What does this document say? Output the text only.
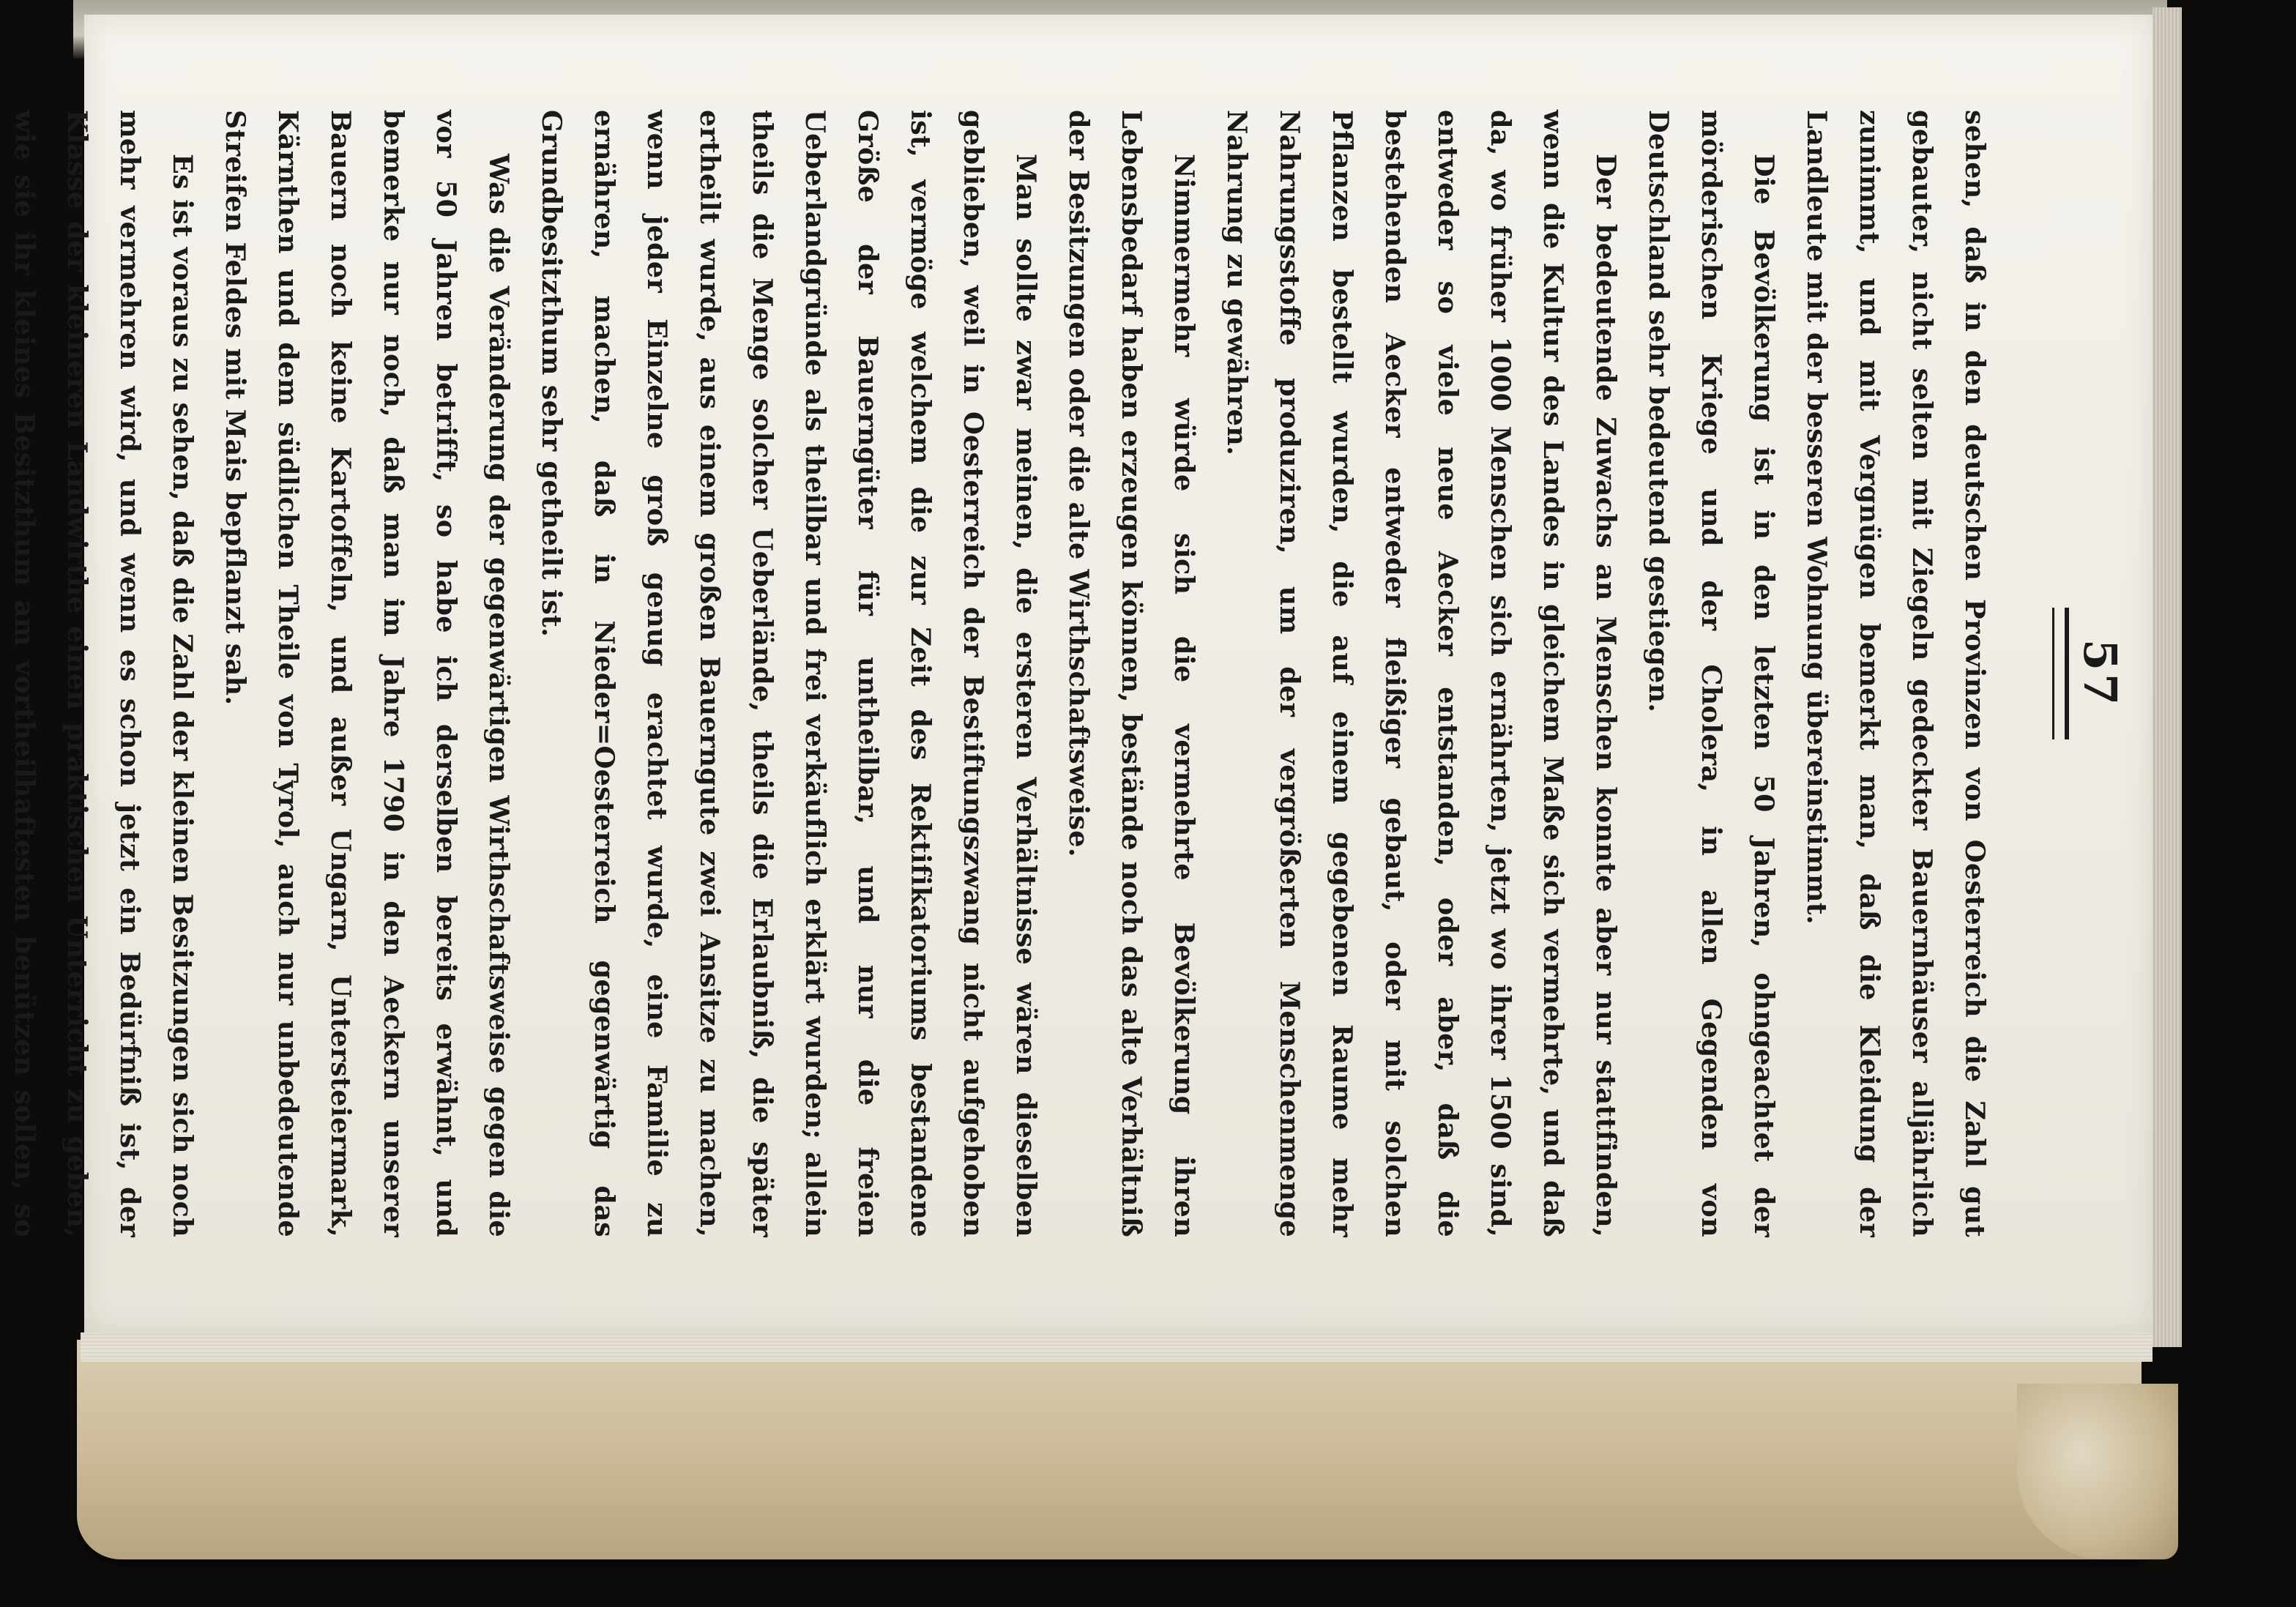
57

sehen, daß in den deutschen Provinzen von Oesterreich die Zahl gut gebauter, nicht selten mit Ziegeln gedeckter Bauernhäuser alljährlich zunimmt, und mit Vergnügen bemerkt man, daß die Kleidung der Landleute mit der besseren Wohnung übereinstimmt.

Die Bevölkerung ist in den letzten 50 Jahren, ohngeachtet der mörderischen Kriege und der Cholera, in allen Gegenden von Deutschland sehr bedeutend gestiegen.

Der bedeutende Zuwachs an Menschen konnte aber nur stattfinden, wenn die Kultur des Landes in gleichem Maße sich vermehrte, und daß da, wo früher 1000 Menschen sich ernährten, jetzt wo ihrer 1500 sind, entweder so viele neue Aecker entstanden, oder aber, daß die bestehenden Aecker entweder fleißiger gebaut, oder mit solchen Pflanzen bestellt wurden, die auf einem gegebenen Raume mehr Nahrungsstoffe produziren, um der vergrößerten Menschenmenge Nahrung zu gewähren.

Nimmermehr würde sich die vermehrte Bevölkerung ihren Lebensbedarf haben erzeugen können, bestände noch das alte Verhältniß der Besitzungen oder die alte Wirthschaftsweise.

Man sollte zwar meinen, die ersteren Verhältnisse wären dieselben geblieben, weil in Oesterreich der Bestiftungszwang nicht aufgehoben ist, vermöge welchem die zur Zeit des Rektifikatoriums bestandene Größe der Bauerngüter für untheilbar, und nur die freien Ueberlandgründe als theilbar und frei verkäuflich erklärt wurden; allein theils die Menge solcher Ueberlände, theils die Erlaubniß, die später ertheilt wurde, aus einem großen Bauerngute zwei Ansitze zu machen, wenn jeder Einzelne groß genug erachtet wurde, eine Familie zu ernähren, machen, daß in Nieder=Oesterreich gegenwärtig das Grundbesitzthum sehr getheilt ist.

Was die Veränderung der gegenwärtigen Wirthschaftsweise gegen die vor 50 Jahren betrifft, so habe ich derselben bereits erwähnt, und bemerke nur noch, daß man im Jahre 1790 in den Aeckern unserer Bauern noch keine Kartoffeln, und außer Ungarn, Untersteiermark, Kärnthen und dem südlichen Theile von Tyrol, auch nur unbedeutende Streifen Feldes mit Mais bepflanzt sah.

Es ist voraus zu sehen, daß die Zahl der kleinen Besitzungen sich noch mehr vermehren wird, und wenn es schon jetzt ein Bedürfniß ist, der Klasse der kleineren Landwirthe einen praktischen Unterricht zu geben, wie sie ihr kleines Besitzthum am vortheilhaftesten benützen sollen, so
